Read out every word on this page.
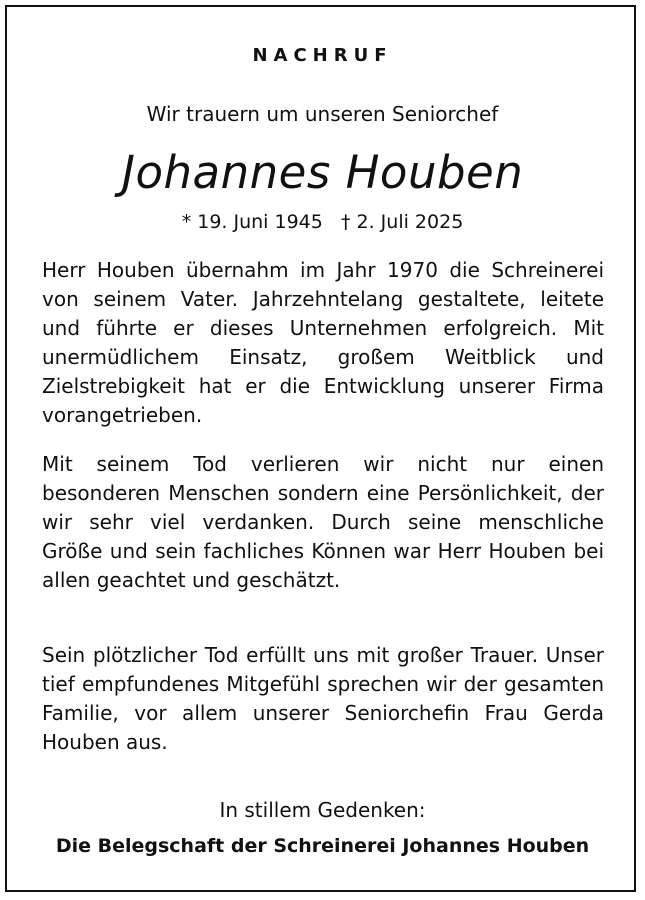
NACHRUF
Wir trauern um unseren Seniorchef
Johannes Houben
* 19. Juni 1945   † 2. Juli 2025

Herr Houben übernahm im Jahr 1970 die Schreinerei von seinem Vater. Jahrzehntelang gestaltete, leitete und führte er dieses Unternehmen erfolgreich. Mit unermüdlichem Einsatz, großem Weitblick und Zielstrebigkeit hat er die Entwicklung unserer Firma vorangetrieben.

Mit seinem Tod verlieren wir nicht nur einen besonderen Menschen sondern eine Persönlichkeit, der wir sehr viel verdanken. Durch seine menschliche Größe und sein fachliches Können war Herr Houben bei allen geachtet und geschätzt.

Sein plötzlicher Tod erfüllt uns mit großer Trauer. Unser tief empfundenes Mitgefühl sprechen wir der gesamten Familie, vor allem unserer Seniorchefin Frau Gerda Houben aus.

In stillem Gedenken:
Die Belegschaft der Schreinerei Johannes Houben
